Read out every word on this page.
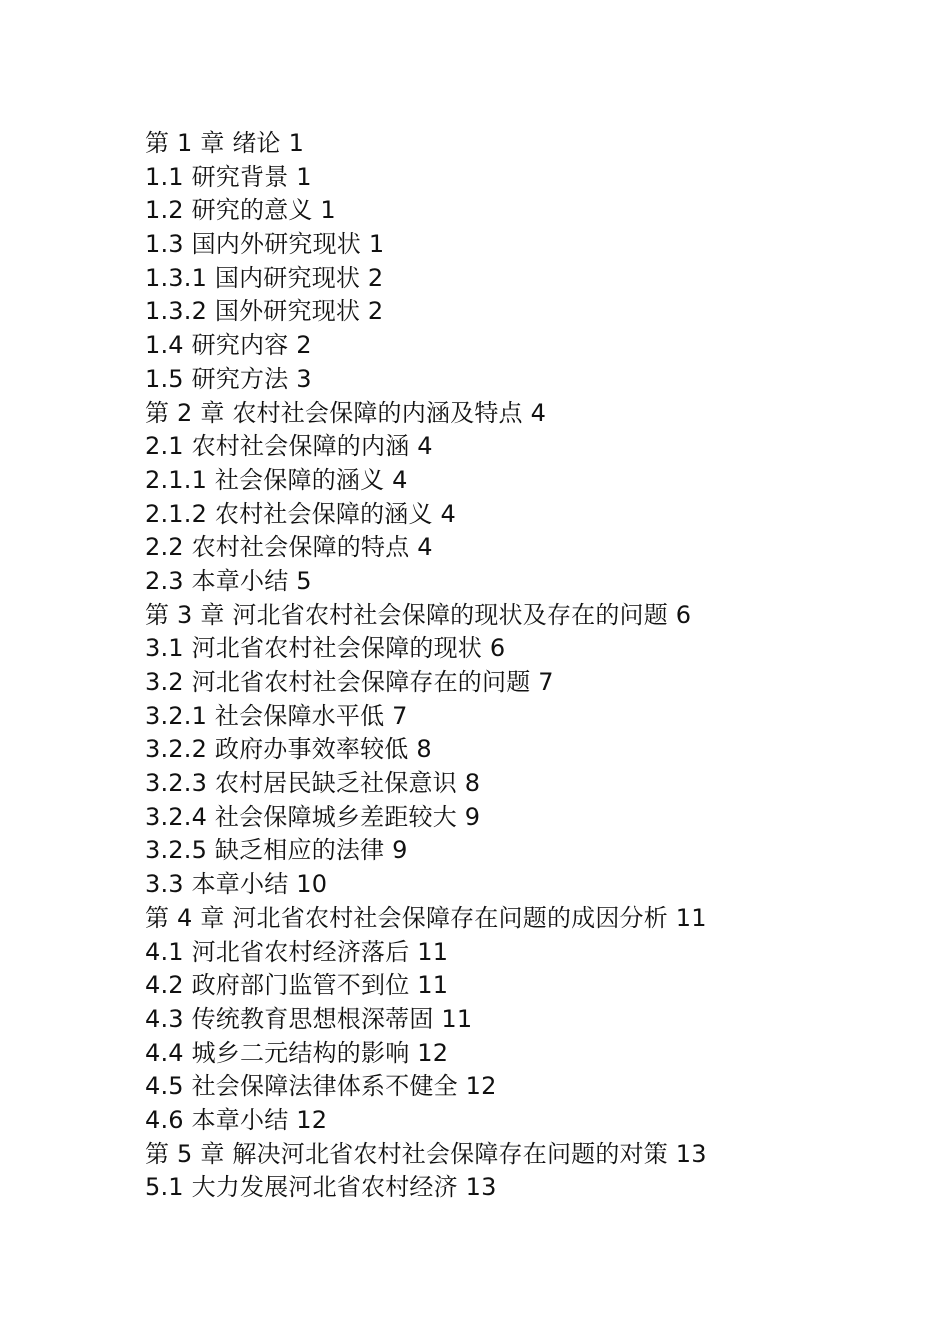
第 1 章 绪论 1
1.1 研究背景 1
1.2 研究的意义 1
1.3 国内外研究现状 1
1.3.1 国内研究现状 2
1.3.2 国外研究现状 2
1.4 研究内容 2
1.5 研究方法 3
第 2 章 农村社会保障的内涵及特点 4
2.1 农村社会保障的内涵 4
2.1.1 社会保障的涵义 4
2.1.2 农村社会保障的涵义 4
2.2 农村社会保障的特点 4
2.3 本章小结 5
第 3 章 河北省农村社会保障的现状及存在的问题 6
3.1 河北省农村社会保障的现状 6
3.2 河北省农村社会保障存在的问题 7
3.2.1 社会保障水平低 7
3.2.2 政府办事效率较低 8
3.2.3 农村居民缺乏社保意识 8
3.2.4 社会保障城乡差距较大 9
3.2.5 缺乏相应的法律 9
3.3 本章小结 10
第 4 章 河北省农村社会保障存在问题的成因分析 11
4.1 河北省农村经济落后 11
4.2 政府部门监管不到位 11
4.3 传统教育思想根深蒂固 11
4.4 城乡二元结构的影响 12
4.5 社会保障法律体系不健全 12
4.6 本章小结 12
第 5 章 解决河北省农村社会保障存在问题的对策 13
5.1 大力发展河北省农村经济 13
